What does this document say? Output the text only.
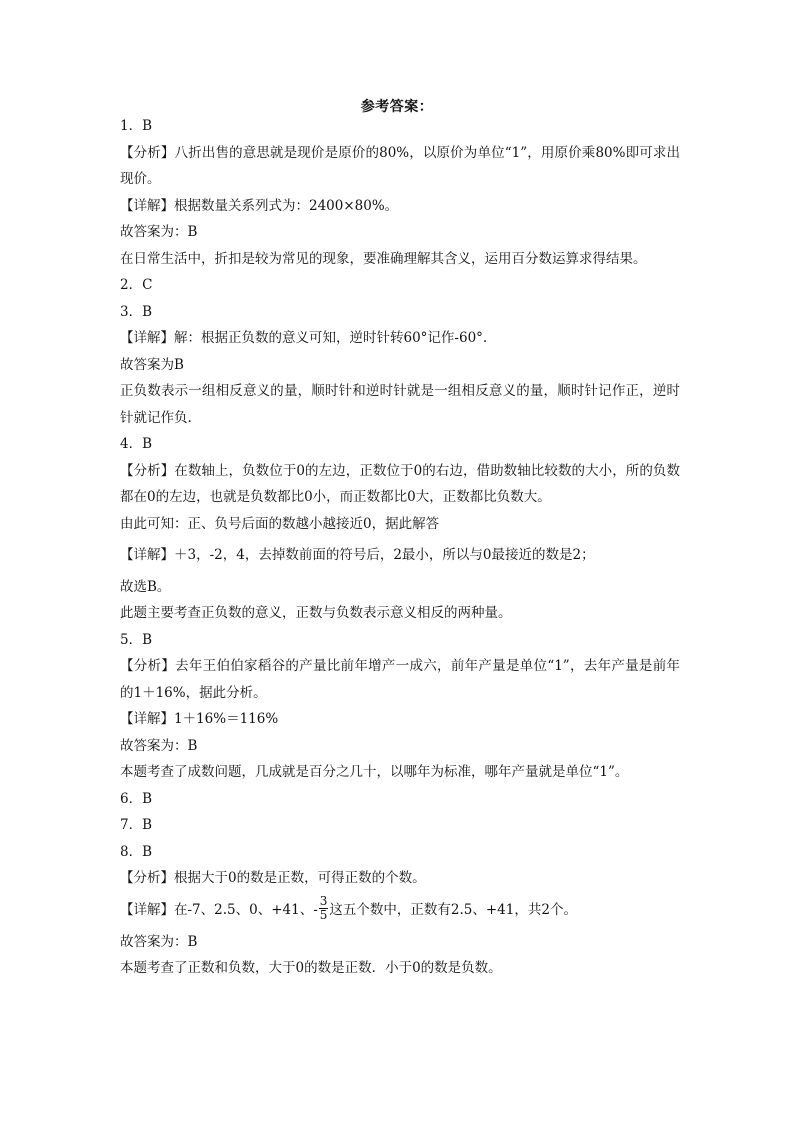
参考答案：
1．B
【分析】八折出售的意思就是现价是原价的80%，以原价为单位“1”，用原价乘80%即可求出现价。
【详解】根据数量关系列式为：2400×80%。
故答案为：B
在日常生活中，折扣是较为常见的现象，要准确理解其含义，运用百分数运算求得结果。
2．C
3．B
【详解】解：根据正负数的意义可知，逆时针转60°记作-60°.
故答案为B
正负数表示一组相反意义的量，顺时针和逆时针就是一组相反意义的量，顺时针记作正，逆时针就记作负.
4．B
【分析】在数轴上，负数位于0的左边，正数位于0的右边，借助数轴比较数的大小，所的负数都在0的左边，也就是负数都比0小，而正数都比0大，正数都比负数大。
由此可知：正、负号后面的数越小越接近0，据此解答
【详解】＋3，-2，4，去掉数前面的符号后，2最小，所以与0最接近的数是2；
故选B。
此题主要考查正负数的意义，正数与负数表示意义相反的两种量。
5．B
【分析】去年王伯伯家稻谷的产量比前年增产一成六，前年产量是单位“1”，去年产量是前年的1＋16%，据此分析。
【详解】1＋16%＝116%
故答案为：B
本题考查了成数问题，几成就是百分之几十，以哪年为标准，哪年产量就是单位“1”。
6．B
7．B
8．B
【分析】根据大于0的数是正数，可得正数的个数。
【详解】在-7、2.5、0、+41、- $\frac{3}{5}$ 这五个数中，正数有2.5、+41，共2个。
故答案为：B
本题考查了正数和负数，大于0的数是正数．小于0的数是负数。
